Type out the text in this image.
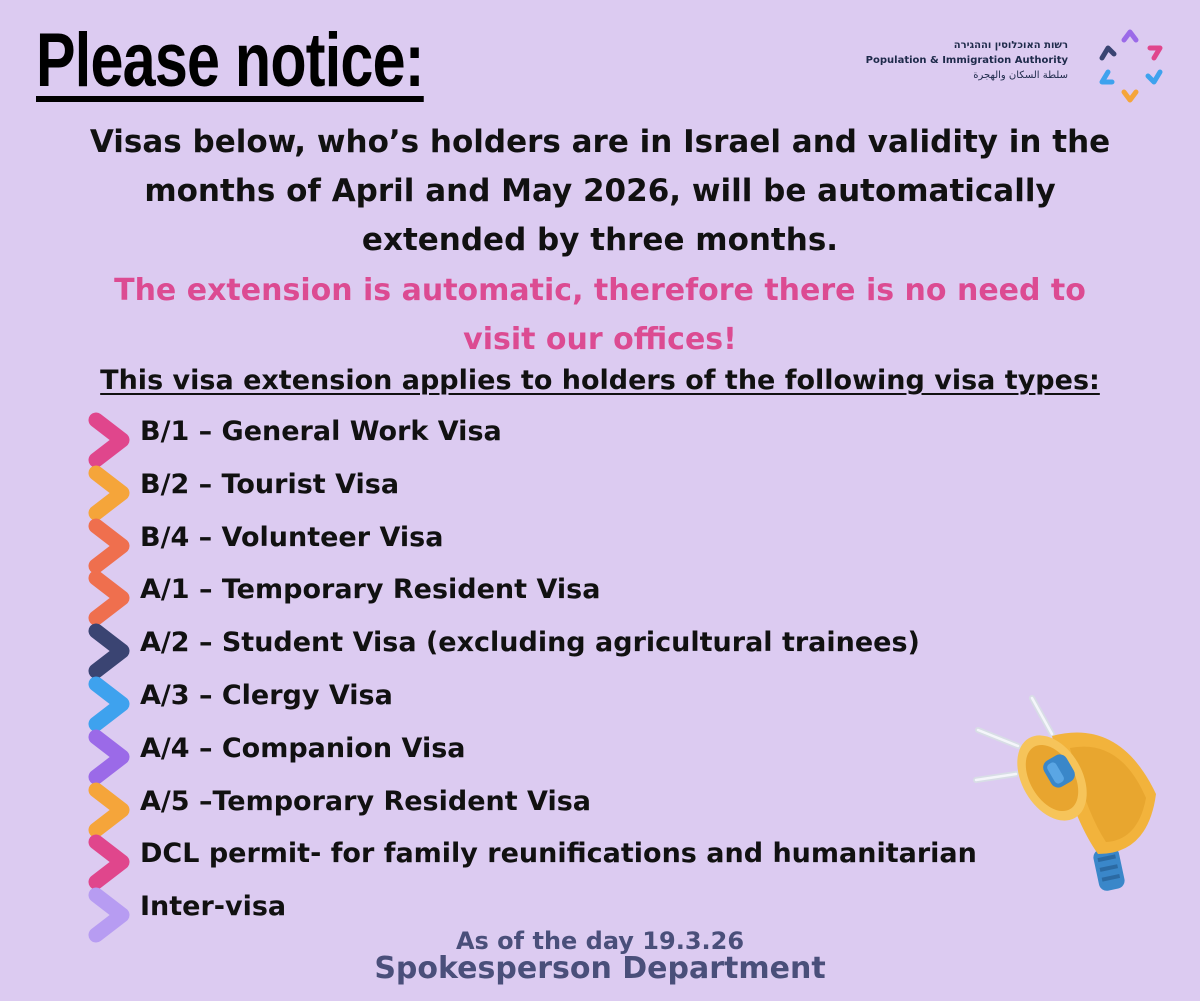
Please notice:	רשות האוכלוסין וההגירה
Population & Immigration Authority
سلطة السكان والهجرة
Visas below, who’s holders are in Israel and validity in the
months of April and May 2026, will be automatically
extended by three months.
The extension is automatic, therefore there is no need to
visit our offices!
This visa extension applies to holders of the following visa types:
B/1 – General Work Visa
B/2 – Tourist Visa
B/4 – Volunteer Visa
A/1 – Temporary Resident Visa
A/2 – Student Visa (excluding agricultural trainees)
A/3 – Clergy Visa
A/4 – Companion Visa
A/5 –Temporary Resident Visa
DCL permit- for family reunifications and humanitarian
Inter-visa
As of the day 19.3.26
Spokesperson Department
